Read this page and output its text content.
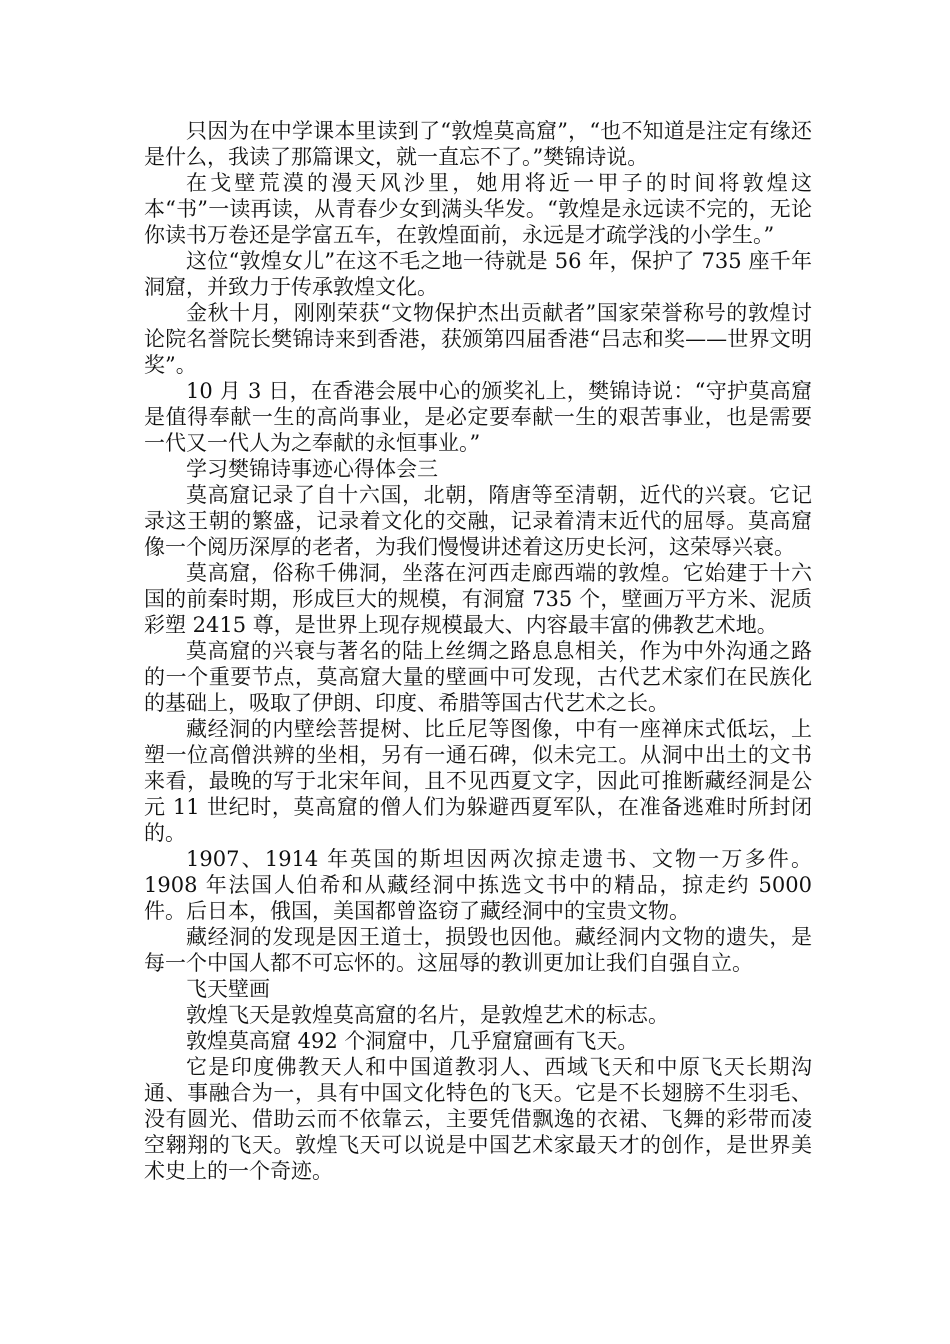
只因为在中学课本里读到了“敦煌莫高窟”，“也不知道是注定有缘还是什么，我读了那篇课文，就一直忘不了。”樊锦诗说。

在戈壁荒漠的漫天风沙里，她用将近一甲子的时间将敦煌这本“书”一读再读，从青春少女到满头华发。“敦煌是永远读不完的，无论你读书万卷还是学富五车，在敦煌面前，永远是才疏学浅的小学生。”

这位“敦煌女儿”在这不毛之地一待就是 56 年，保护了 735 座千年洞窟，并致力于传承敦煌文化。

金秋十月，刚刚荣获“文物保护杰出贡献者”国家荣誉称号的敦煌讨论院名誉院长樊锦诗来到香港，获颁第四届香港“吕志和奖——世界文明奖”。

10 月 3 日，在香港会展中心的颁奖礼上，樊锦诗说：“守护莫高窟是值得奉献一生的高尚事业，是必定要奉献一生的艰苦事业，也是需要一代又一代人为之奉献的永恒事业。”

学习樊锦诗事迹心得体会三

莫高窟记录了自十六国，北朝，隋唐等至清朝，近代的兴衰。它记录这王朝的繁盛，记录着文化的交融，记录着清末近代的屈辱。莫高窟像一个阅历深厚的老者，为我们慢慢讲述着这历史长河，这荣辱兴衰。

莫高窟，俗称千佛洞，坐落在河西走廊西端的敦煌。它始建于十六国的前秦时期，形成巨大的规模，有洞窟 735 个，壁画万平方米、泥质彩塑 2415 尊，是世界上现存规模最大、内容最丰富的佛教艺术地。

莫高窟的兴衰与著名的陆上丝绸之路息息相关，作为中外沟通之路的一个重要节点，莫高窟大量的壁画中可发现，古代艺术家们在民族化的基础上，吸取了伊朗、印度、希腊等国古代艺术之长。

藏经洞的内壁绘菩提树、比丘尼等图像，中有一座禅床式低坛，上塑一位高僧洪辨的坐相，另有一通石碑，似未完工。从洞中出土的文书来看，最晚的写于北宋年间，且不见西夏文字，因此可推断藏经洞是公元 11 世纪时，莫高窟的僧人们为躲避西夏军队，在准备逃难时所封闭的。

1907、1914 年英国的斯坦因两次掠走遗书、文物一万多件。1908 年法国人伯希和从藏经洞中拣选文书中的精品，掠走约 5000 件。后日本，俄国，美国都曾盗窃了藏经洞中的宝贵文物。

藏经洞的发现是因王道士，损毁也因他。藏经洞内文物的遗失，是每一个中国人都不可忘怀的。这屈辱的教训更加让我们自强自立。

飞天壁画

敦煌飞天是敦煌莫高窟的名片，是敦煌艺术的标志。

敦煌莫高窟 492 个洞窟中，几乎窟窟画有飞天。

它是印度佛教天人和中国道教羽人、西域飞天和中原飞天长期沟通、事融合为一，具有中国文化特色的飞天。它是不长翅膀不生羽毛、没有圆光、借助云而不依靠云，主要凭借飘逸的衣裙、飞舞的彩带而凌空翱翔的飞天。敦煌飞天可以说是中国艺术家最天才的创作，是世界美术史上的一个奇迹。
